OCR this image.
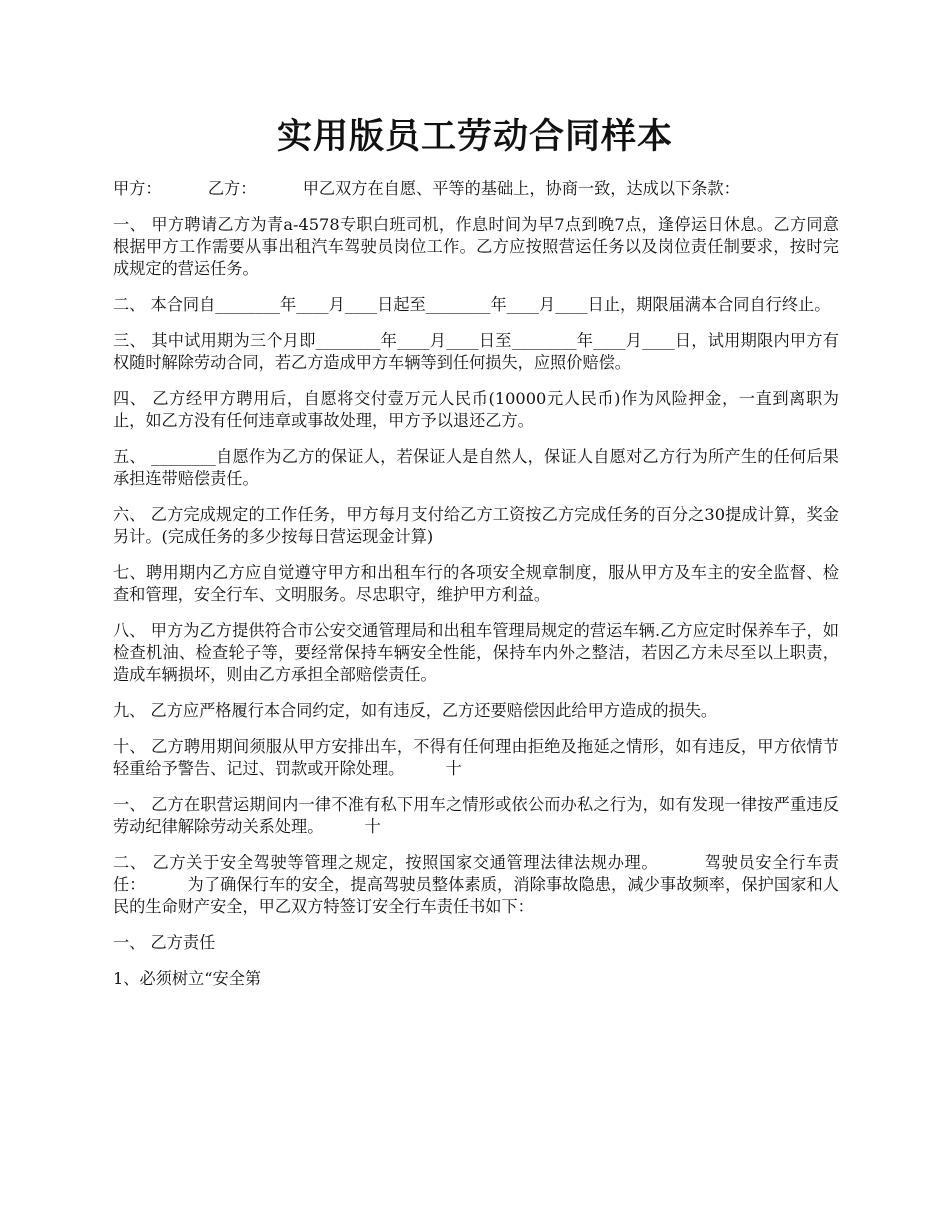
实用版员工劳动合同样本

甲方：         乙方：         甲乙双方在自愿、平等的基础上，协商一致，达成以下条款：

一、 甲方聘请乙方为青a-4578专职白班司机，作息时间为早7点到晚7点，逢停运日休息。乙方同意根据甲方工作需要从事出租汽车驾驶员岗位工作。乙方应按照营运任务以及岗位责任制要求，按时完成规定的营运任务。

二、 本合同自________年____月____日起至________年____月____日止，期限届满本合同自行终止。

三、 其中试用期为三个月即________年____月____日至________年____月____日，试用期限内甲方有权随时解除劳动合同，若乙方造成甲方车辆等到任何损失，应照价赔偿。

四、 乙方经甲方聘用后，自愿将交付壹万元人民币(10000元人民币)作为风险押金，一直到离职为止，如乙方没有任何违章或事故处理，甲方予以退还乙方。

五、 ________自愿作为乙方的保证人，若保证人是自然人，保证人自愿对乙方行为所产生的任何后果承担连带赔偿责任。

六、 乙方完成规定的工作任务，甲方每月支付给乙方工资按乙方完成任务的百分之30提成计算，奖金另计。(完成任务的多少按每日营运现金计算)

七、聘用期内乙方应自觉遵守甲方和出租车行的各项安全规章制度，服从甲方及车主的安全监督、检查和管理，安全行车、文明服务。尽忠职守，维护甲方利益。

八、 甲方为乙方提供符合市公安交通管理局和出租车管理局规定的营运车辆.乙方应定时保养车子，如检查机油、检查轮子等，要经常保持车辆安全性能，保持车内外之整洁，若因乙方未尽至以上职责，造成车辆损坏，则由乙方承担全部赔偿责任。

九、 乙方应严格履行本合同约定，如有违反，乙方还要赔偿因此给甲方造成的损失。

十、 乙方聘用期间须服从甲方安排出车，不得有任何理由拒绝及拖延之情形，如有违反，甲方依情节轻重给予警告、记过、罚款或开除处理。        十

一、 乙方在职营运期间内一律不准有私下用车之情形或依公而办私之行为，如有发现一律按严重违反劳动纪律解除劳动关系处理。        十

二、 乙方关于安全驾驶等管理之规定，按照国家交通管理法律法规办理。        驾驶员安全行车责任：        为了确保行车的安全，提高驾驶员整体素质，消除事故隐患，减少事故频率，保护国家和人民的生命财产安全，甲乙双方特签订安全行车责任书如下：

一、 乙方责任

1、必须树立“安全第
